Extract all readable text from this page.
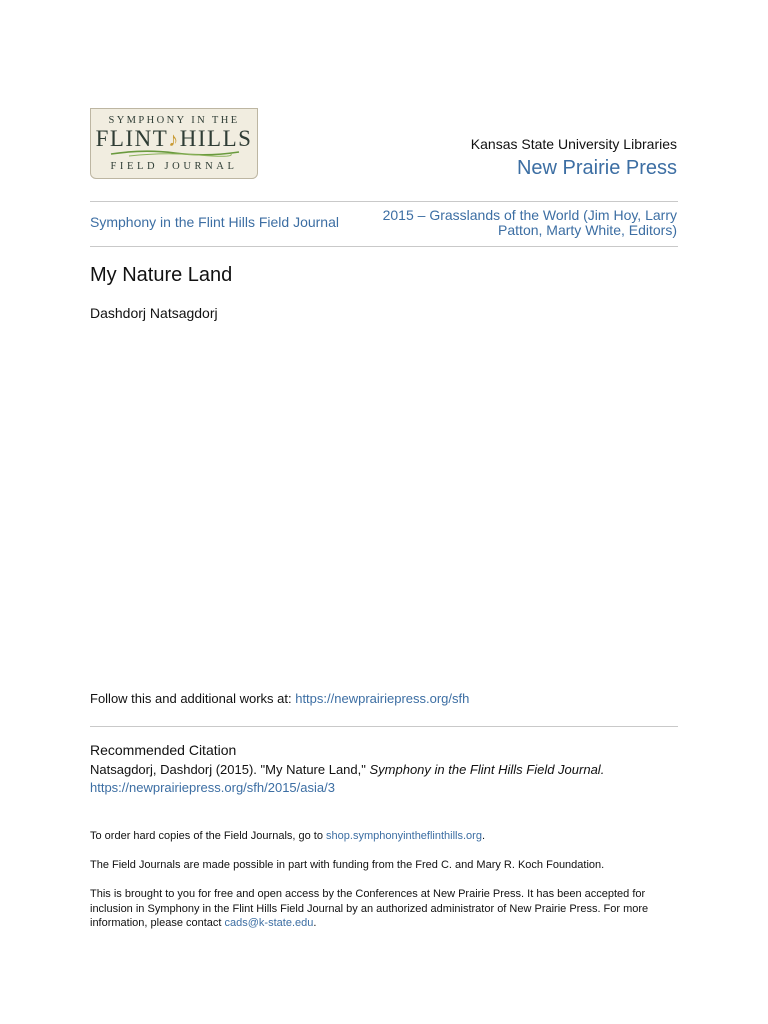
SYMPHONY IN THE
FLINT♪HILLS
FIELD JOURNAL
Kansas State University Libraries
New Prairie Press
Symphony in the Flint Hills Field Journal	2015 – Grasslands of the World (Jim Hoy, Larry
Patton, Marty White, Editors)
My Nature Land
Dashdorj Natsagdorj
Follow this and additional works at: https://newprairiepress.org/sfh
Recommended Citation
Natsagdorj, Dashdorj (2015). "My Nature Land," Symphony in the Flint Hills Field Journal.
https://newprairiepress.org/sfh/2015/asia/3
To order hard copies of the Field Journals, go to shop.symphonyintheflinthills.org.
The Field Journals are made possible in part with funding from the Fred C. and Mary R. Koch Foundation.
This is brought to you for free and open access by the Conferences at New Prairie Press. It has been accepted for
inclusion in Symphony in the Flint Hills Field Journal by an authorized administrator of New Prairie Press. For more
information, please contact cads@k-state.edu.
